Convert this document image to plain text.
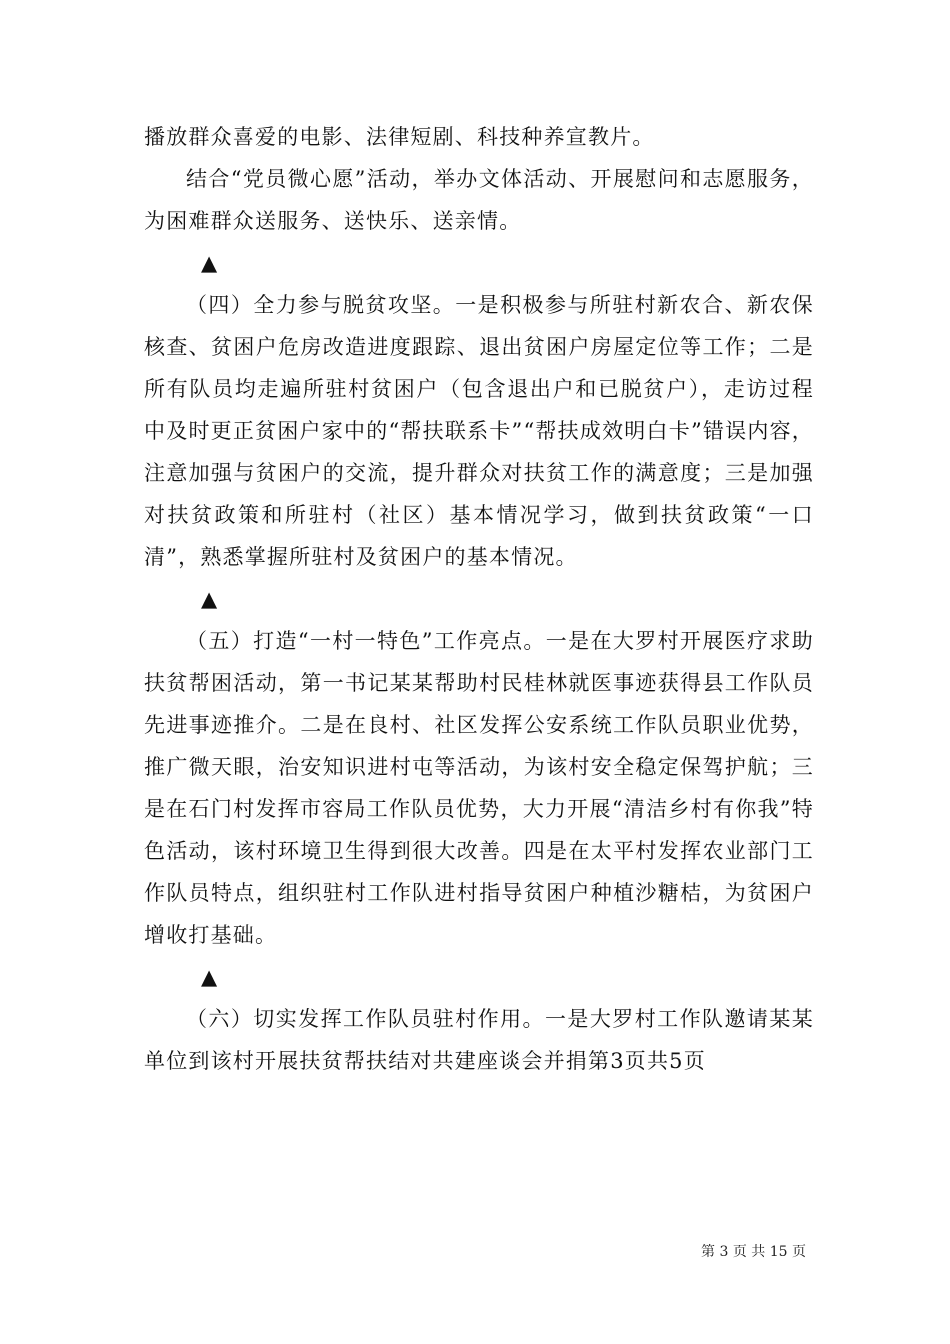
播放群众喜爱的电影、法律短剧、科技种养宣教片。

结合“党员微心愿”活动，举办文体活动、开展慰问和志愿服务，为困难群众送服务、送快乐、送亲情。

▲

（四）全力参与脱贫攻坚。一是积极参与所驻村新农合、新农保核查、贫困户危房改造进度跟踪、退出贫困户房屋定位等工作；二是所有队员均走遍所驻村贫困户（包含退出户和已脱贫户），走访过程中及时更正贫困户家中的“帮扶联系卡”“帮扶成效明白卡”错误内容，注意加强与贫困户的交流，提升群众对扶贫工作的满意度；三是加强对扶贫政策和所驻村（社区）基本情况学习，做到扶贫政策“一口清”，熟悉掌握所驻村及贫困户的基本情况。

▲

（五）打造“一村一特色”工作亮点。一是在大罗村开展医疗求助扶贫帮困活动，第一书记某某帮助村民桂林就医事迹获得县工作队员先进事迹推介。二是在良村、社区发挥公安系统工作队员职业优势，推广微天眼，治安知识进村屯等活动，为该村安全稳定保驾护航；三是在石门村发挥市容局工作队员优势，大力开展“清洁乡村有你我”特色活动，该村环境卫生得到很大改善。四是在太平村发挥农业部门工作队员特点，组织驻村工作队进村指导贫困户种植沙糖桔，为贫困户增收打基础。

▲

（六）切实发挥工作队员驻村作用。一是大罗村工作队邀请某某单位到该村开展扶贫帮扶结对共建座谈会并捐第3页共5页

第 3 页 共 15 页
